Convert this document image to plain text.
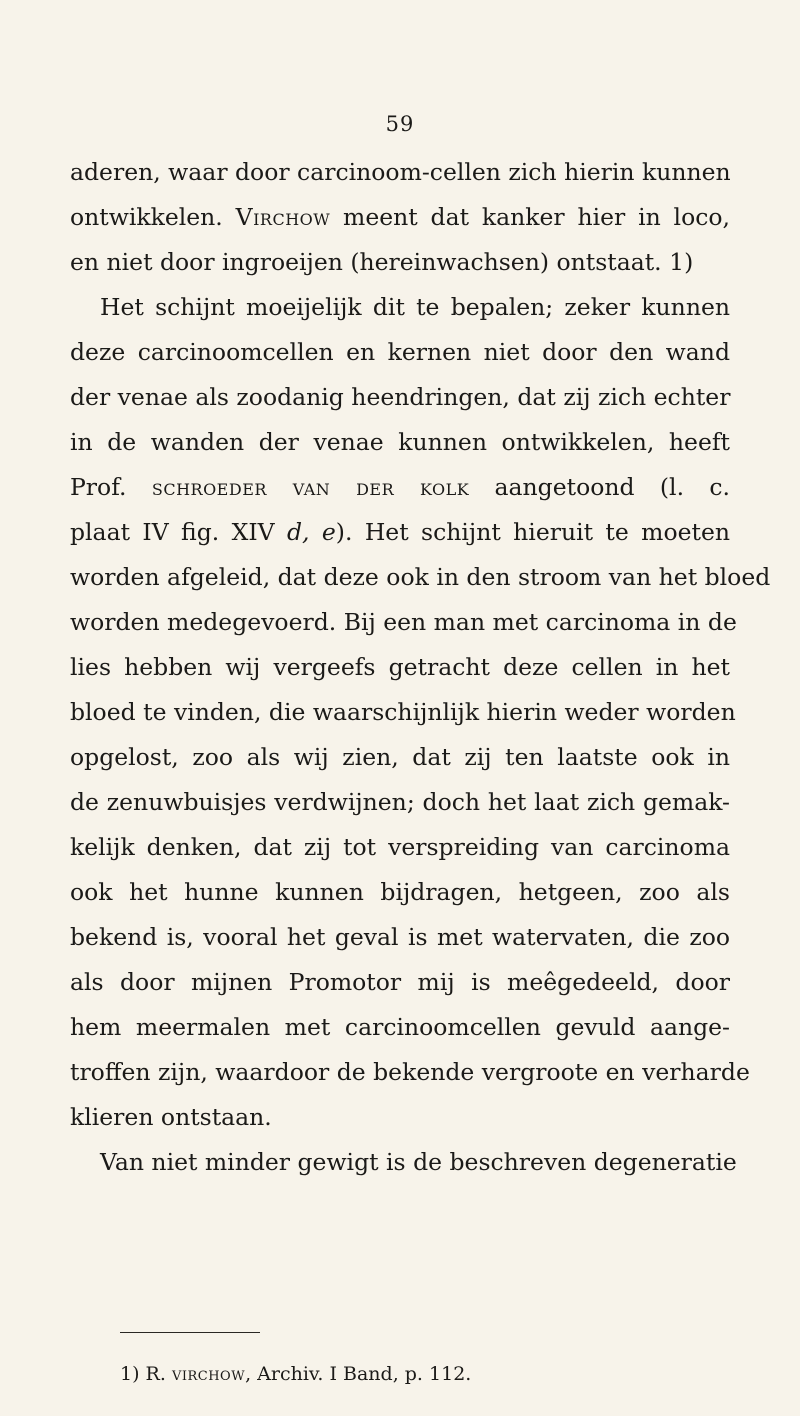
59
aderen, waar door carcinoom-cellen zich hierin kunnen
ontwikkelen. Virchow meent dat kanker hier in loco,
en niet door ingroeijen (hereinwachsen) ontstaat. 1)
Het schijnt moeijelijk dit te bepalen; zeker kunnen
deze carcinoomcellen en kernen niet door den wand
der venae als zoodanig heendringen, dat zij zich echter
in de wanden der venae kunnen ontwikkelen, heeft
Prof. schroeder van der kolk aangetoond (l. c.
plaat IV fig. XIV d, e). Het schijnt hieruit te moeten
worden afgeleid, dat deze ook in den stroom van het bloed
worden medegevoerd. Bij een man met carcinoma in de
lies hebben wij vergeefs getracht deze cellen in het
bloed te vinden, die waarschijnlijk hierin weder worden
opgelost, zoo als wij zien, dat zij ten laatste ook in
de zenuwbuisjes verdwijnen; doch het laat zich gemak-
kelijk denken, dat zij tot verspreiding van carcinoma
ook het hunne kunnen bijdragen, hetgeen, zoo als
bekend is, vooral het geval is met watervaten, die zoo
als door mijnen Promotor mij is meêgedeeld, door
hem meermalen met carcinoomcellen gevuld aange-
troffen zijn, waardoor de bekende vergroote en verharde
klieren ontstaan.
Van niet minder gewigt is de beschreven degeneratie
1) R. virchow, Archiv. I Band, p. 112.
